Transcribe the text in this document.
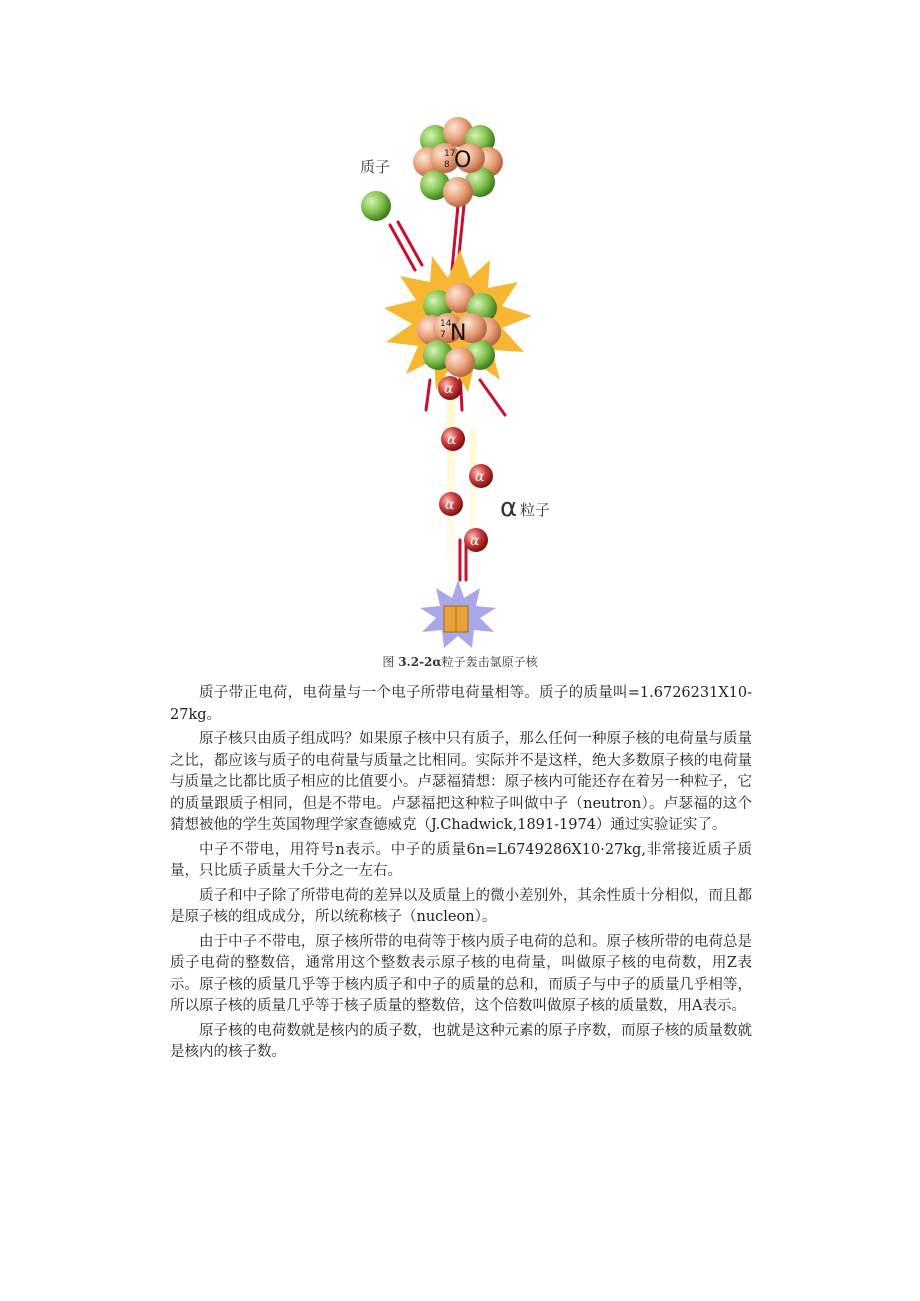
17
8 O
质子
14
7 N
α
α
α
α
α
α 粒子
图 3.2-2α粒子轰击氯原子核

质子带正电荷，电荷量与一个电子所带电荷量相等。质子的质量叫=1.6726231X10-27kg。

原子核只由质子组成吗？如果原子核中只有质子，那么任何一种原子核的电荷量与质量之比，都应该与质子的电荷量与质量之比相同。实际并不是这样，绝大多数原子核的电荷量与质量之比都比质子相应的比值要小。卢瑟福猜想：原子核内可能还存在着另一种粒子，它的质量跟质子相同，但是不带电。卢瑟福把这种粒子叫做中子（neutron）。卢瑟福的这个猜想被他的学生英国物理学家查德威克（J.Chadwick,1891-1974）通过实验证实了。

中子不带电，用符号n表示。中子的质量6n=L6749286X10·27kg,非常接近质子质量，只比质子质量大千分之一左右。

质子和中子除了所带电荷的差异以及质量上的微小差别外，其余性质十分相似，而且都是原子核的组成成分，所以统称核子（nucleon）。

由于中子不带电，原子核所带的电荷等于核内质子电荷的总和。原子核所带的电荷总是质子电荷的整数倍，通常用这个整数表示原子核的电荷量，叫做原子核的电荷数，用Z表示。原子核的质量几乎等于核内质子和中子的质量的总和，而质子与中子的质量几乎相等，所以原子核的质量几乎等于核子质量的整数倍，这个倍数叫做原子核的质量数，用A表示。

原子核的电荷数就是核内的质子数，也就是这种元素的原子序数，而原子核的质量数就是核内的核子数。
